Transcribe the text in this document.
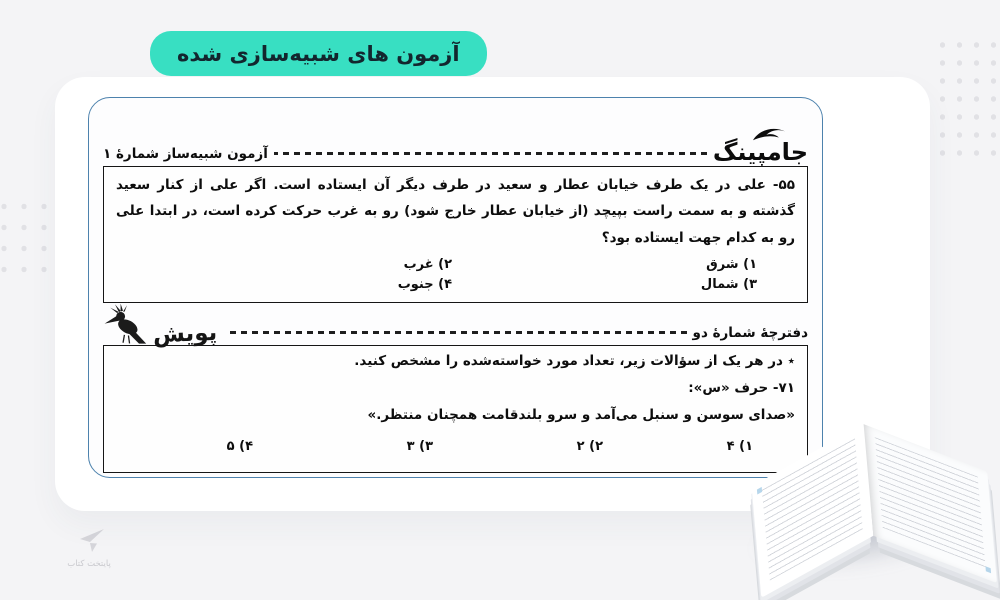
آزمون های شبیه‌سازی شده
جامپینگ
آزمون شبیه‌ساز شمارهٔ ۱
۵۵- علی در یک طرف خیابان عطار و سعید در طرف دیگر آن ایستاده است. اگر علی از کنار سعید گذشته و به سمت راست بپیچد (از خیابان عطار خارج شود) رو به غرب حرکت کرده است، در ابتدا علی رو به کدام جهت ایستاده بود؟
۱) شرق
۲) غرب
۳) شمال
۴) جنوب
دفترچهٔ شمارهٔ دو
پویش
٭ در هر یک از سؤالات زیر، تعداد مورد خواسته‌شده را مشخص کنید.
۷۱- حرف «س»:
«صدای سوسن و سنبل می‌آمد و سرو بلندقامت همچنان منتظر.»
۱) ۴
۲) ۲
۳) ۳
۴) ۵
پایتخت کتاب
